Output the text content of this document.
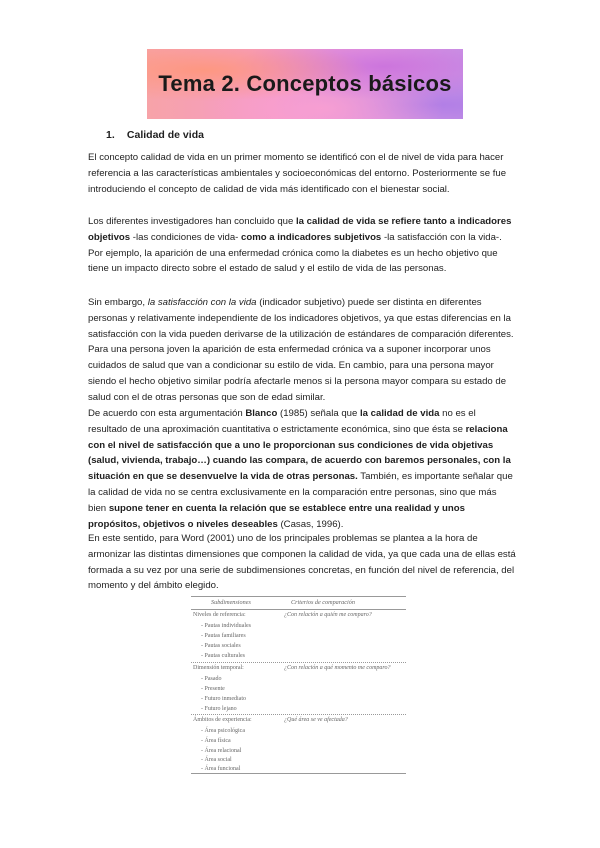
Tema 2. Conceptos básicos
1. Calidad de vida

El concepto calidad de vida en un primer momento se identificó con el de nivel de vida para hacer referencia a las características ambientales y socioeconómicas del entorno. Posteriormente se fue introduciendo el concepto de calidad de vida más identificado con el bienestar social.

Los diferentes investigadores han concluido que la calidad de vida se refiere tanto a indicadores objetivos -las condiciones de vida- como a indicadores subjetivos -la satisfacción con la vida-. Por ejemplo, la aparición de una enfermedad crónica como la diabetes es un hecho objetivo que tiene un impacto directo sobre el estado de salud y el estilo de vida de las personas.

Sin embargo, la satisfacción con la vida (indicador subjetivo) puede ser distinta en diferentes personas y relativamente independiente de los indicadores objetivos, ya que estas diferencias en la satisfacción con la vida pueden derivarse de la utilización de estándares de comparación diferentes. Para una persona joven la aparición de esta enfermedad crónica va a suponer incorporar unos cuidados de salud que van a condicionar su estilo de vida. En cambio, para una persona mayor siendo el hecho objetivo similar podría afectarle menos si la persona mayor compara su estado de salud con el de otras personas que son de edad similar.

De acuerdo con esta argumentación Blanco (1985) señala que la calidad de vida no es el resultado de una aproximación cuantitativa o estrictamente económica, sino que ésta se relaciona con el nivel de satisfacción que a uno le proporcionan sus condiciones de vida objetivas (salud, vivienda, trabajo…) cuando las compara, de acuerdo con baremos personales, con la situación en que se desenvuelve la vida de otras personas. También, es importante señalar que la calidad de vida no se centra exclusivamente en la comparación entre personas, sino que más bien supone tener en cuenta la relación que se establece entre una realidad y unos propósitos, objetivos o niveles deseables (Casas, 1996).

En este sentido, para Word (2001) uno de los principales problemas se plantea a la hora de armonizar las distintas dimensiones que componen la calidad de vida, ya que cada una de ellas está formada a su vez por una serie de subdimensiones concretas, en función del nivel de referencia, del momento y del ámbito elegido.

Subdimensiones	Criterios de comparación
Niveles de referencia:	¿Con relación a quién me comparo?
- Pautas individuales
- Pautas familiares
- Pautas sociales
- Pautas culturales
Dimensión temporal:	¿Con relación a qué momento me comparo?
- Pasado
- Presente
- Futuro inmediato
- Futuro lejano
Ámbitos de experiencia:	¿Qué área se ve afectada?
- Área psicológica
- Área física
- Área relacional
- Área social
- Área funcional
